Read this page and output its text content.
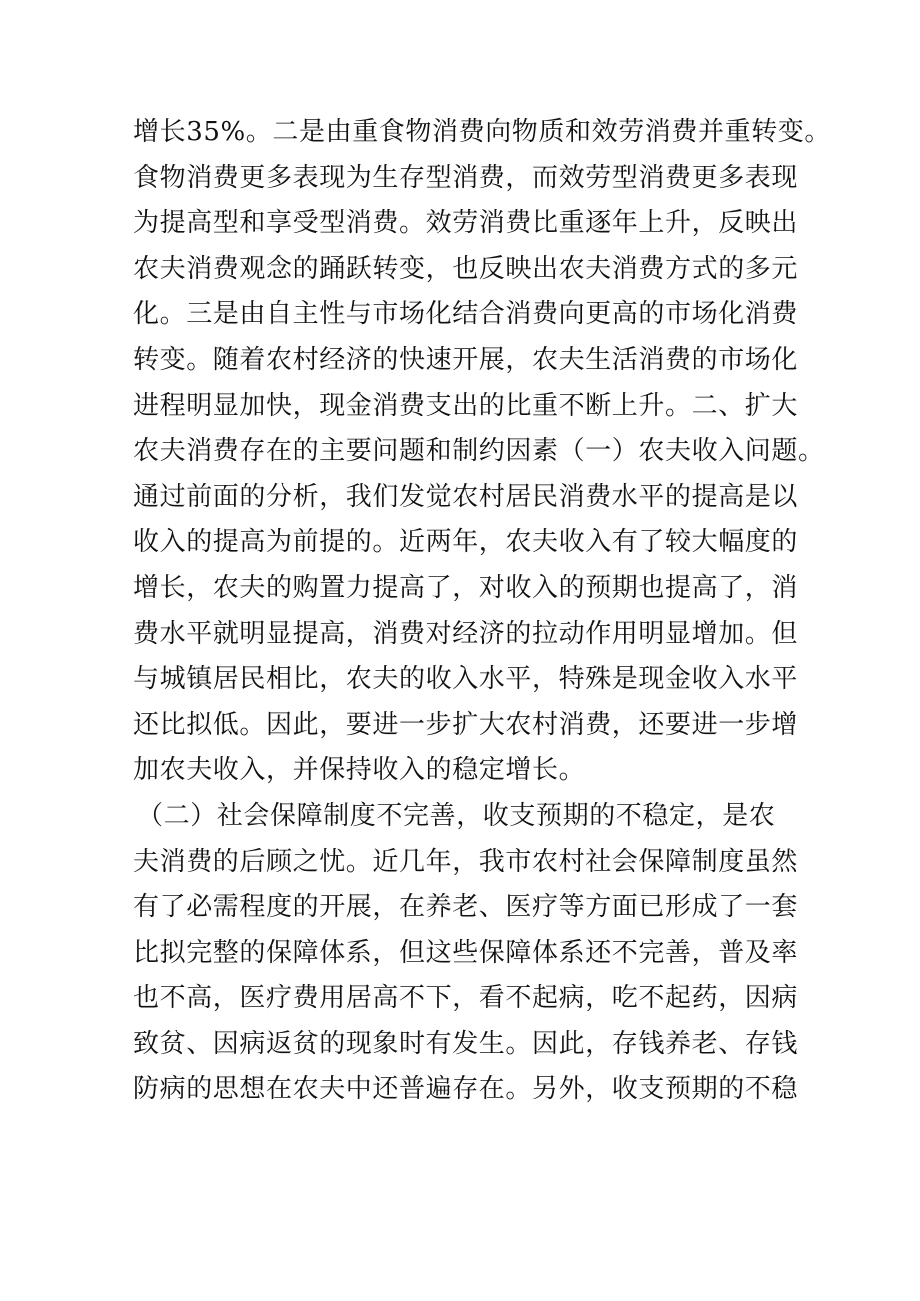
增长35%。二是由重食物消费向物质和效劳消费并重转变。
食物消费更多表现为生存型消费，而效劳型消费更多表现
为提高型和享受型消费。效劳消费比重逐年上升，反映出
农夫消费观念的踊跃转变，也反映出农夫消费方式的多元
化。三是由自主性与市场化结合消费向更高的市场化消费
转变。随着农村经济的快速开展，农夫生活消费的市场化
进程明显加快，现金消费支出的比重不断上升。二、扩大
农夫消费存在的主要问题和制约因素（一）农夫收入问题。
通过前面的分析，我们发觉农村居民消费水平的提高是以
收入的提高为前提的。近两年，农夫收入有了较大幅度的
增长，农夫的购置力提高了，对收入的预期也提高了，消
费水平就明显提高，消费对经济的拉动作用明显增加。但
与城镇居民相比，农夫的收入水平，特殊是现金收入水平
还比拟低。因此，要进一步扩大农村消费，还要进一步增
加农夫收入，并保持收入的稳定增长。
（二）社会保障制度不完善，收支预期的不稳定，是农
夫消费的后顾之忧。近几年，我市农村社会保障制度虽然
有了必需程度的开展，在养老、医疗等方面已形成了一套
比拟完整的保障体系，但这些保障体系还不完善，普及率
也不高，医疗费用居高不下，看不起病，吃不起药，因病
致贫、因病返贫的现象时有发生。因此，存钱养老、存钱
防病的思想在农夫中还普遍存在。另外，收支预期的不稳
